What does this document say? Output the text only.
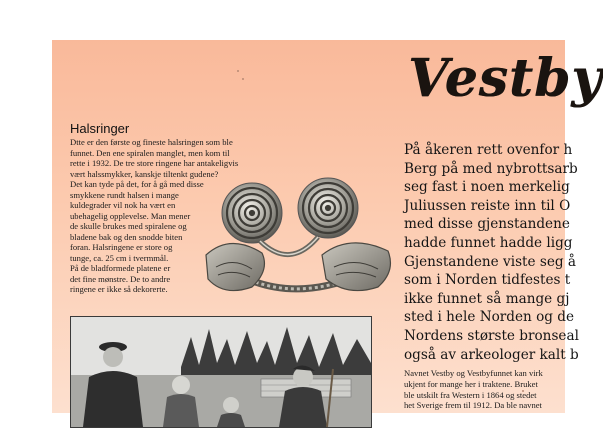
Vestby
Halsringer
Dtte er den første og fineste halsringen som ble
funnet. Den ene spiralen manglet, men kom til
rette i 1932. De tre store ringene har antakeligvis
vært halssmykker, kanskje tiltenkt gudene?
Det kan tyde på det, for å gå med disse
smykkene rundt halsen i mange
kuldegrader vil nok ha vært en
ubehagelig opplevelse. Man mener
de skulle brukes med spiralene og
bladene bak og den snodde biten
foran. Halsringene er store og
tunge, ca. 25 cm i tvermmål.
På de bladformede platene er
det fine mønstre. De to andre
ringene er ikke så dekorerte.
På åkeren rett ovenfor h
Berg på med nybrottsarb
seg fast i noen merkelig
Juliussen reiste inn til O
med disse gjenstandene
hadde funnet hadde ligg
Gjenstandene viste seg å
som i Norden tidfestes t
ikke funnet så mange gj
sted i hele Norden og de
Nordens største bronseal
også av arkeologer kalt b
Navnet Vestby og Vestbyfunnet kan virk
ukjent for mange her i traktene. Bruket
ble utskilt fra Western i 1864 og stedet
het Sverige frem til 1912. Da ble navnet
